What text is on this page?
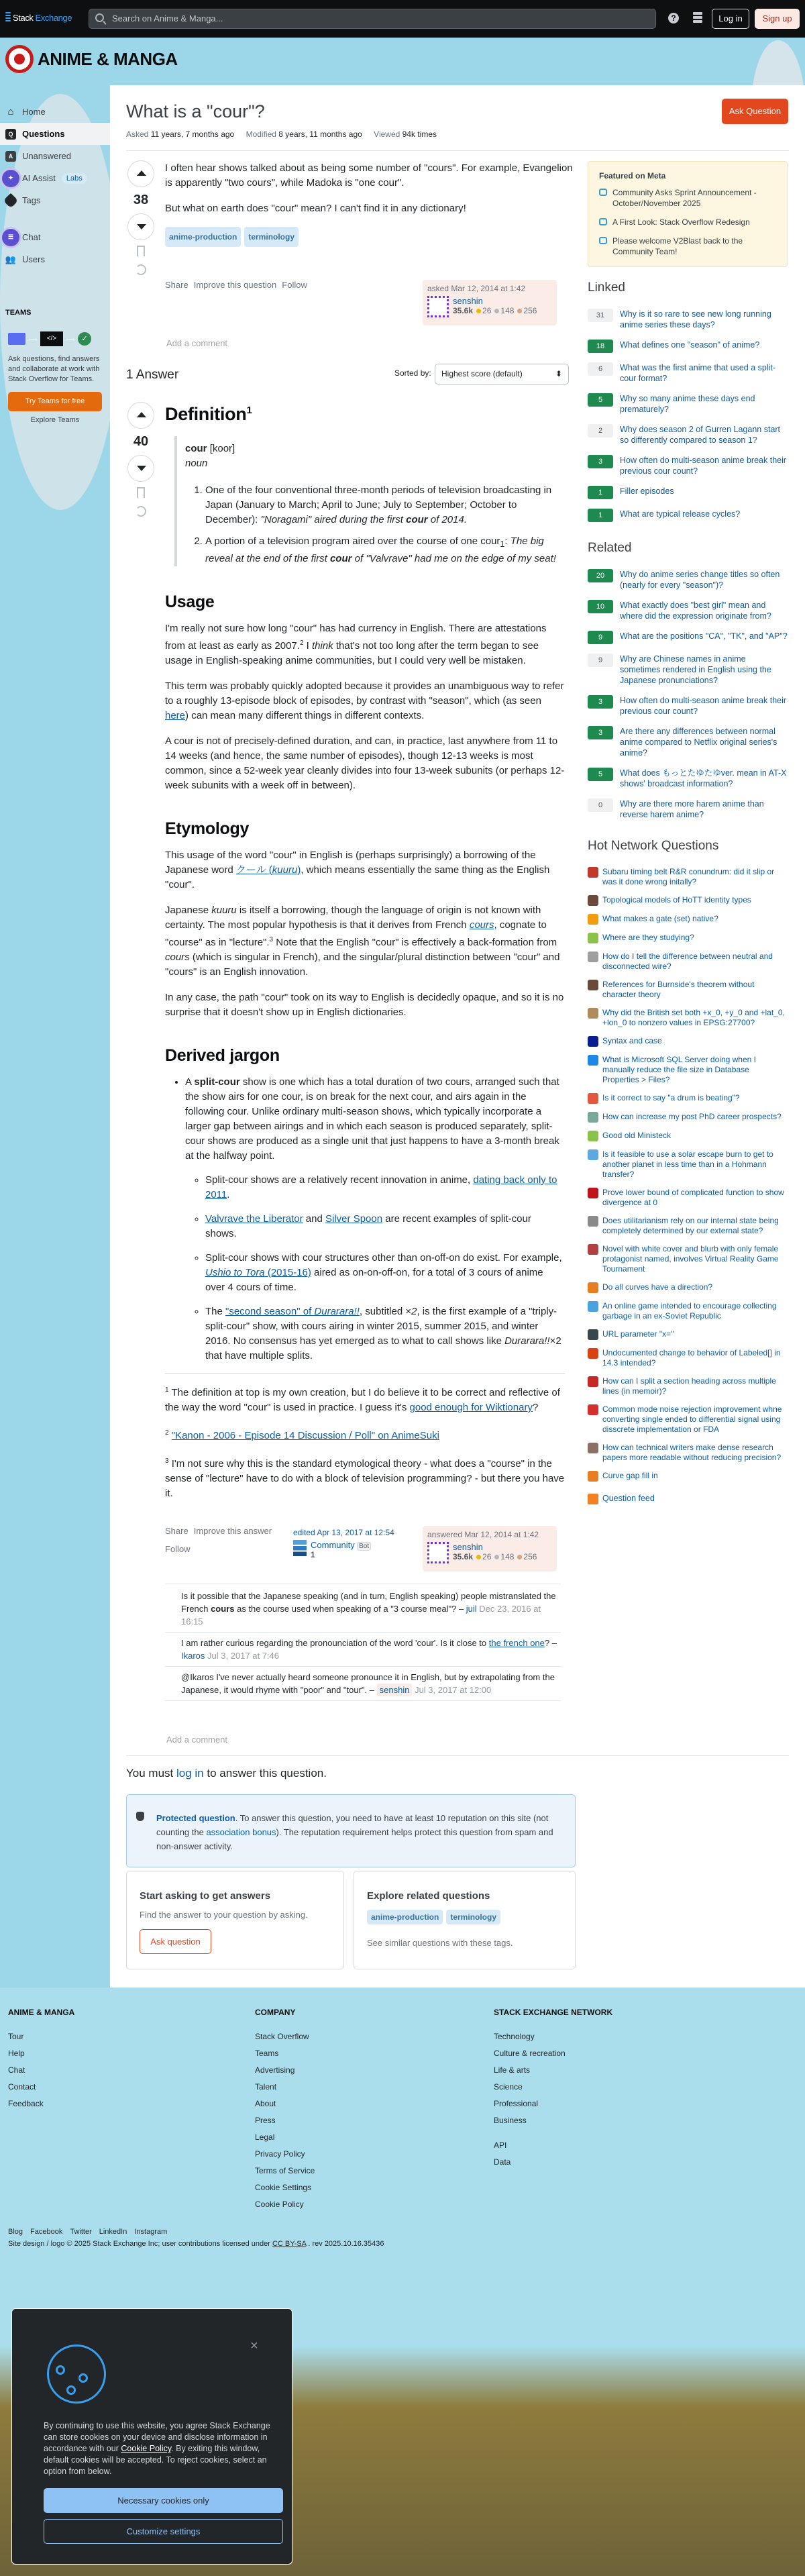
Stack Exchange	Search on Anime & Manga...	?	Log in	Sign up
ANIME & MANGA
⌂ Home
Q	Questions
A	Unanswered
✦	AI Assist	Labs
Tags
☰ Chat
👥 Users
TEAMS
</>	✓
Ask questions, find answers and collaborate at work with Stack Overflow for Teams.
Try Teams for free
Explore Teams
What is a "cour"?	Ask Question
Asked 11 years, 7 months ago Modified 8 years, 11 months ago Viewed 94k times
38

I often hear shows talked about as being some number of "cours". For example, Evangelion is apparently "two cours", while Madoka is "one cour".

But what on earth does "cour" mean? I can't find it in any dictionary!

anime-production	terminology
Share Improve this question Follow	asked Mar 12, 2014 at 1:42
senshin
35.6k 26 148 256
Add a comment
1 Answer	Sorted by:	Highest score (default) ⬍
40
Definition$^1$
cour [koor]
noun
1. One of the four conventional three-month periods of television broadcasting in Japan (January to March; April to June; July to September; October to December): "Noragami" aired during the first cour of 2014.
2. A portion of a television program aired over the course of one cour$_1$: The big reveal at the end of the first cour of "Valvrave" had me on the edge of my seat!
Usage

I'm really not sure how long "cour" has had currency in English. There are attestations from at least as early as 2007.$^2$ I think that's not too long after the term began to see usage in English-speaking anime communities, but I could very well be mistaken.

This term was probably quickly adopted because it provides an unambiguous way to refer to a roughly 13-episode block of episodes, by contrast with "season", which (as seen here) can mean many different things in different contexts.

A cour is not of precisely-defined duration, and can, in practice, last anywhere from 11 to 14 weeks (and hence, the same number of episodes), though 12-13 weeks is most common, since a 52-week year cleanly divides into four 13-week subunits (or perhaps 12-week subunits with a week off in between).

Etymology

This usage of the word "cour" in English is (perhaps surprisingly) a borrowing of the Japanese word クール (kuuru), which means essentially the same thing as the English "cour".

Japanese kuuru is itself a borrowing, though the language of origin is not known with certainty. The most popular hypothesis is that it derives from French cours, cognate to "course" as in "lecture".$^3$ Note that the English "cour" is effectively a back-formation from cours (which is singular in French), and the singular/plural distinction between "cour" and "cours" is an English innovation.

In any case, the path "cour" took on its way to English is decidedly opaque, and so it is no surprise that it doesn't show up in English dictionaries.

Derived jargon
• A split-cour show is one which has a total duration of two cours, arranged such that the show airs for one cour, is on break for the next cour, and airs again in the following cour. Unlike ordinary multi-season shows, which typically incorporate a larger gap between airings and in which each season is produced separately, split-cour shows are produced as a single unit that just happens to have a 3-month break at the halfway point.
◦ Split-cour shows are a relatively recent innovation in anime, dating back only to 2011.
◦ Valvrave the Liberator and Silver Spoon are recent examples of split-cour shows.
◦ Split-cour shows with cour structures other than on-off-on do exist. For example, Ushio to Tora (2015-16) aired as on-on-off-on, for a total of 3 cours of anime over 4 cours of time.
◦ The "second season" of Durarara!!, subtitled ×2, is the first example of a "triply-split-cour" show, with cours airing in winter 2015, summer 2015, and winter 2016. No consensus has yet emerged as to what to call shows like Durarara!!×2 that have multiple splits.

$^1$ The definition at top is my own creation, but I do believe it to be correct and reflective of the way the word "cour" is used in practice. I guess it's good enough for Wiktionary?

$^2$ "Kanon - 2006 - Episode 14 Discussion / Poll" on AnimeSuki

$^3$ I'm not sure why this is the standard etymological theory - what does a "course" in the sense of "lecture" have to do with a block of television programming? - but there you have it.

Share Improve this answer
Follow
edited Apr 13, 2017 at 12:54
Community Bot
1
answered Mar 12, 2014 at 1:42
senshin
35.6k 26 148 256
Is it possible that the Japanese speaking (and in turn, English speaking) people mistranslated the French cours as the course used when speaking of a "3 course meal"? – juil Dec 23, 2016 at 16:15
I am rather curious regarding the pronounciation of the word 'cour'. Is it close to the french one? – Ikaros Jul 3, 2017 at 7:46
@Ikaros I've never actually heard someone pronounce it in English, but by extrapolating from the Japanese, it would rhyme with "poor" and "tour". – senshin Jul 3, 2017 at 12:00
Add a comment
You must log in to answer this question.
Protected question. To answer this question, you need to have at least 10 reputation on this site (not counting the association bonus). The reputation requirement helps protect this question from spam and non-answer activity.
Start asking to get answers
Find the answer to your question by asking.
Ask question
Explore related questions
anime-production	terminology
See similar questions with these tags.
Featured on Meta
Community Asks Sprint Announcement - October/November 2025
A First Look: Stack Overflow Redesign
Please welcome V2Blast back to the Community Team!
Linked
31	Why is it so rare to see new long running anime series these days?
18	What defines one "season" of anime?
6	What was the first anime that used a split-cour format?
5	Why so many anime these days end prematurely?
2	Why does season 2 of Gurren Lagann start so differently compared to season 1?
3	How often do multi-season anime break their previous cour count?
1	Filler episodes
1	What are typical release cycles?
Related
20	Why do anime series change titles so often (nearly for every "season")?
10	What exactly does "best girl" mean and where did the expression originate from?
9	What are the positions "CA", "TK", and "AP"?
9	Why are Chinese names in anime sometimes rendered in English using the Japanese pronunciations?
3	How often do multi-season anime break their previous cour count?
3	Are there any differences between normal anime compared to Netflix original series's anime?
5	What does もっとたゆたゆver. mean in AT-X shows' broadcast information?
0	Why are there more harem anime than reverse harem anime?
Hot Network Questions
Subaru timing belt R&R conundrum: did it slip or was it done wrong initally?
Topological models of HoTT identity types
What makes a gate (set) native?
Where are they studying?
How do I tell the difference between neutral and disconnected wire?
References for Burnside's theorem without character theory
Why did the British set both +x_0, +y_0 and +lat_0, +lon_0 to nonzero values in EPSG:27700?
Syntax and case
What is Microsoft SQL Server doing when I manually reduce the file size in Database Properties > Files?
Is it correct to say "a drum is beating"?
How can increase my post PhD career prospects?
Good old Ministeck
Is it feasible to use a solar escape burn to get to another planet in less time than in a Hohmann transfer?
Prove lower bound of complicated function to show divergence at 0
Does utilitarianism rely on our internal state being completely determined by our external state?
Novel with white cover and blurb with only female protagonist named, involves Virtual Reality Game Tournament
Do all curves have a direction?
An online game intended to encourage collecting garbage in an ex-Soviet Republic
URL parameter "x="
Undocumented change to behavior of Labeled[] in 14.3 intended?
How can I split a section heading across multiple lines (in memoir)?
Common mode noise rejection improvement whne converting single ended to differential signal using disscrete implementation or FDA
How can technical writers make dense research papers more readable without reducing precision?
Curve gap fill in
Question feed
ANIME & MANGA
Tour
Help
Chat
Contact
Feedback
COMPANY
Stack Overflow
Teams
Advertising
Talent
About
Press
Legal
Privacy Policy
Terms of Service
Cookie Settings
Cookie Policy
STACK EXCHANGE NETWORK
Technology
Culture & recreation
Life & arts
Science
Professional
Business
API
Data
Blog Facebook Twitter LinkedIn Instagram
Site design / logo © 2025 Stack Exchange Inc; user contributions licensed under CC BY-SA . rev 2025.10.16.35436
×
By continuing to use this website, you agree Stack Exchange can store cookies on your device and disclose information in accordance with our Cookie Policy. By exiting this window, default cookies will be accepted. To reject cookies, select an option from below.
Necessary cookies only
Customize settings
